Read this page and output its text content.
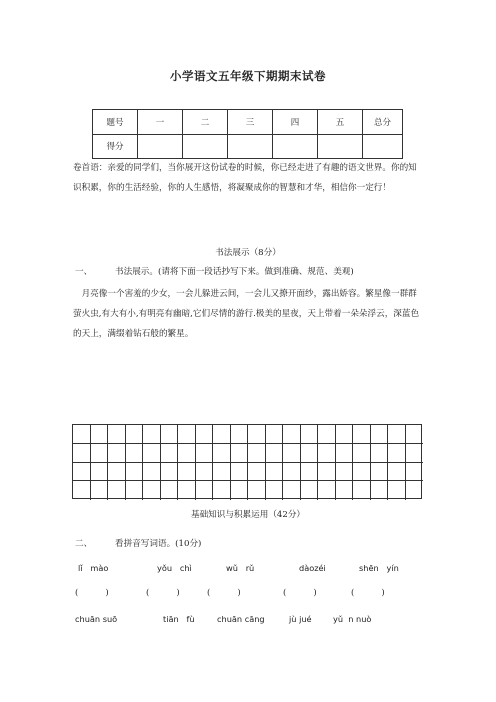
小学语文五年级下期期末试卷
题号	一	二	三	四	五	总分
得分						
卷首语：亲爱的同学们，当你展开这份试卷的时候，你已经走进了有趣的语文世界。你的知识积累，你的生活经验，你的人生感悟，将凝聚成你的智慧和才华，相信你一定行！
书法展示（8分）
一、	书法展示。(请将下面一段话抄写下来。做到准确、规范、美观)
月亮像一个害羞的少女，一会儿躲进云间，一会儿又撩开面纱，露出娇容。繁星像一群群萤火虫,有大有小,有明亮有幽暗,它们尽情的游行.极美的星夜，天上带着一朵朵浮云，深蓝色的天上，满缀着钻石般的繁星。
基础知识与积累运用（42分）
二、	看拼音写词语。(10分)
lǐ   mào	yǒu   chì	wǔ   rǔ	dàozéi	shēn   yín
(          )	(          )	(          )	(          )	(          )
chuān suō	tiān   fù	chuān cāng	jù jué	yǔ  n nuò
